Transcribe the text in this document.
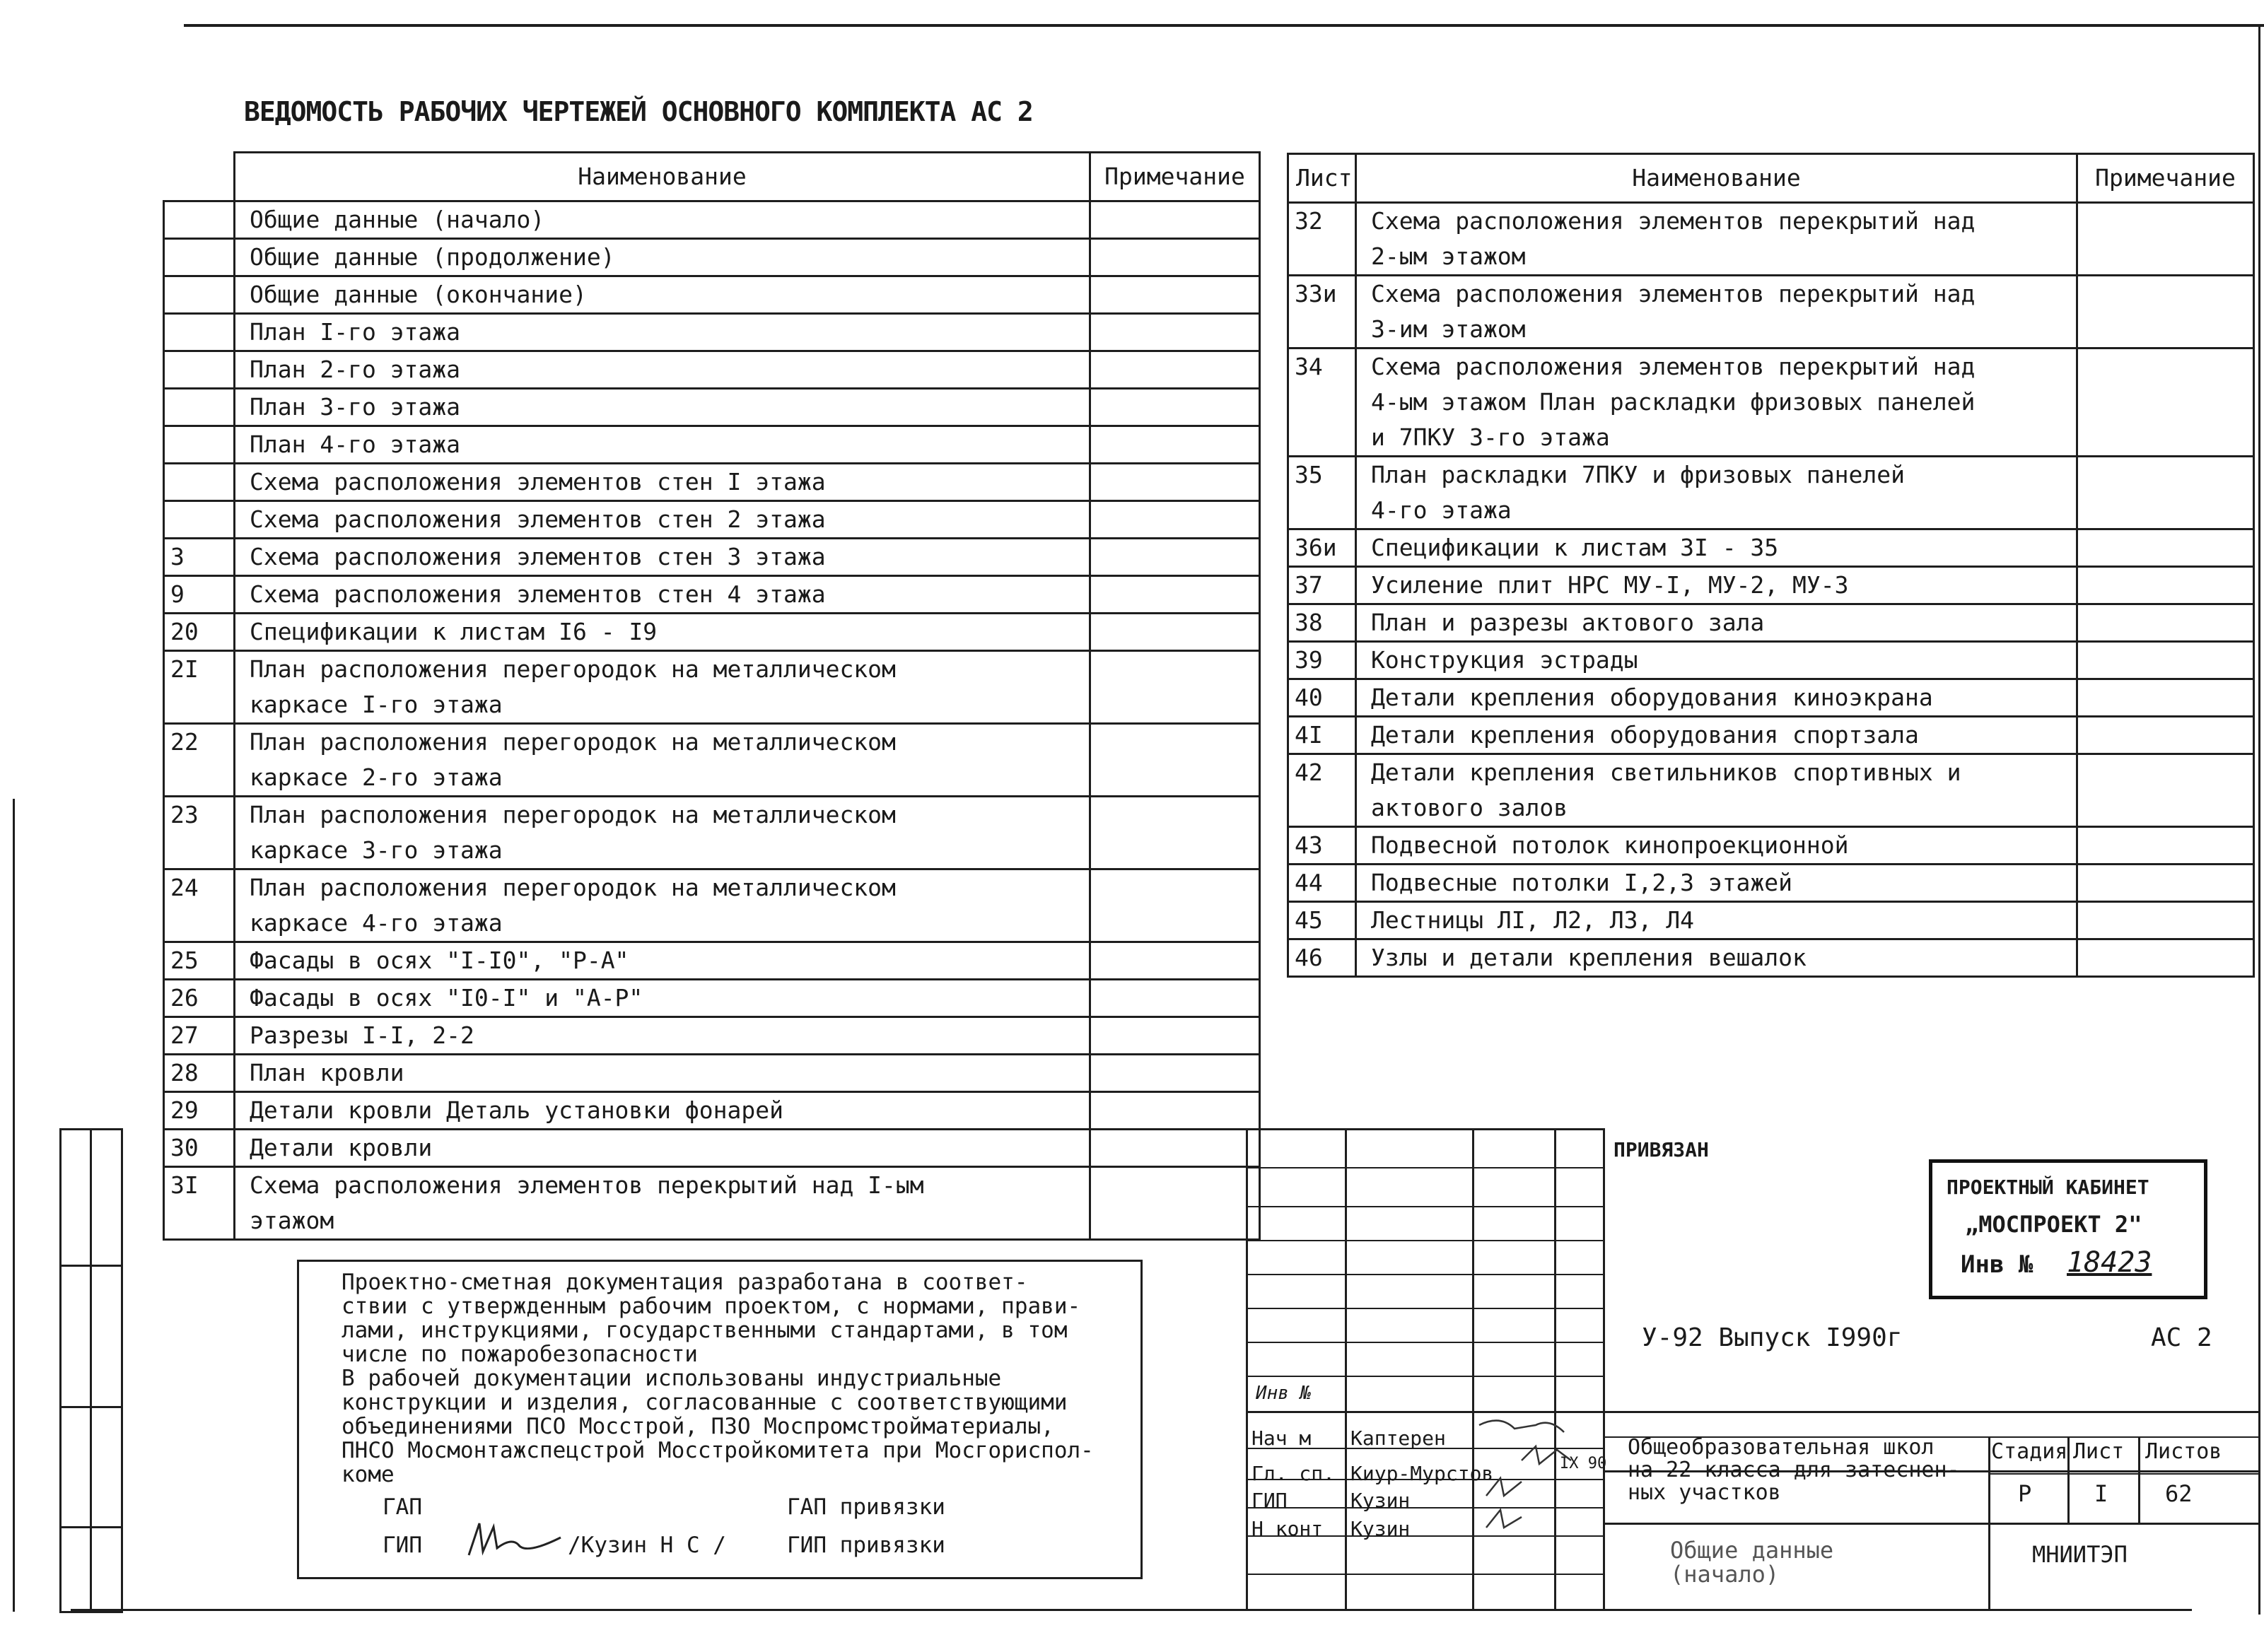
ВЕДОМОСТЬ РАБОЧИХ ЧЕРТЕЖЕЙ ОСНОВНОГО КОМПЛЕКТА АС 2
	Наименование	Примечание

	Общие данные (начало)	

	Общие данные (продолжение)	

	Общие данные (окончание)	

	План I-го этажа	

	План 2-го этажа	

	План 3-го этажа	

	План 4-го этажа	

	Схема расположения элементов стен I этажа	

	Схема расположения элементов стен 2 этажа	

3	Схема расположения элементов стен 3 этажа	

9	Схема расположения элементов стен 4 этажа	

20	Спецификации к листам I6 - I9	

2I	План расположения перегородок на металлическом
каркасе I-го этажа	

22	План расположения перегородок на металлическом
каркасе 2-го этажа	

23	План расположения перегородок на металлическом
каркасе 3-го этажа	

24	План расположения перегородок на металлическом
каркасе 4-го этажа	

25	Фасады в осях "I-I0", "Р-А"	

26	Фасады в осях "I0-I" и "А-Р"	

27	Разрезы I-I, 2-2	

28	План кровли	

29	Детали кровли Деталь установки фонарей	

30	Детали кровли	

3I	Схема расположения элементов перекрытий над I-ым
этажом	

Лист	Наименование	Примечание
32	Схема расположения элементов перекрытий над
2-ым этажом	

33и	Схема расположения элементов перекрытий над
3-им этажом	

34	Схема расположения элементов перекрытий над
4-ым этажом План раскладки фризовых панелей
и 7ПКУ 3-го этажа	

35	План раскладки 7ПКУ и фризовых панелей
4-го этажа	

36и	Спецификации к листам 3I - 35	

37	Усиление плит НРС МУ-I, МУ-2, МУ-3	

38	План и разрезы актового зала	

39	Конструкция эстрады	

40	Детали крепления оборудования киноэкрана	

4I	Детали крепления оборудования спортзала	

42	Детали крепления светильников спортивных и
актового залов	

43	Подвесной потолок кинопроекционной	

44	Подвесные потолки I,2,3 этажей	

45	Лестницы ЛI, Л2, Л3, Л4	

46	Узлы и детали крепления вешалок	

Проектно-сметная документация разработана в соответ-
ствии с утвержденным рабочим проектом, с нормами, прави-
лами, инструкциями, государственными стандартами, в том
числе по пожаробезопасности

В рабочей документации использованы индустриальные
конструкции и изделия, согласованные с соответствующими
объединениями ПСО Мосстрой, ПЗО Моспромстройматериалы,
ПНСО Мосмонтажспецстрой Мосстройкомитета при Мосгориспол-
коме

ГАП
ГИП	/Кузин Н С /
ГАП привязки
ГИП привязки
ПРИВЯЗАН
Инв №
Нач м Каптерен
Гл. сп. Киур-Мурстов
ГИП	Кузин
Н конт Кузин
IX 90
У-92 Выпуск I990г	АС 2
Общеобразовательная школ
на 22 класса для затеснен-
ных участков
Стадия Лист Листов
Р	I	62
Общие данные
(начало)
МНИИТЭП
ПРОЕКТНЫЙ КАБИНЕТ
„МОСПРОЕКТ 2"
Инв № 18423
